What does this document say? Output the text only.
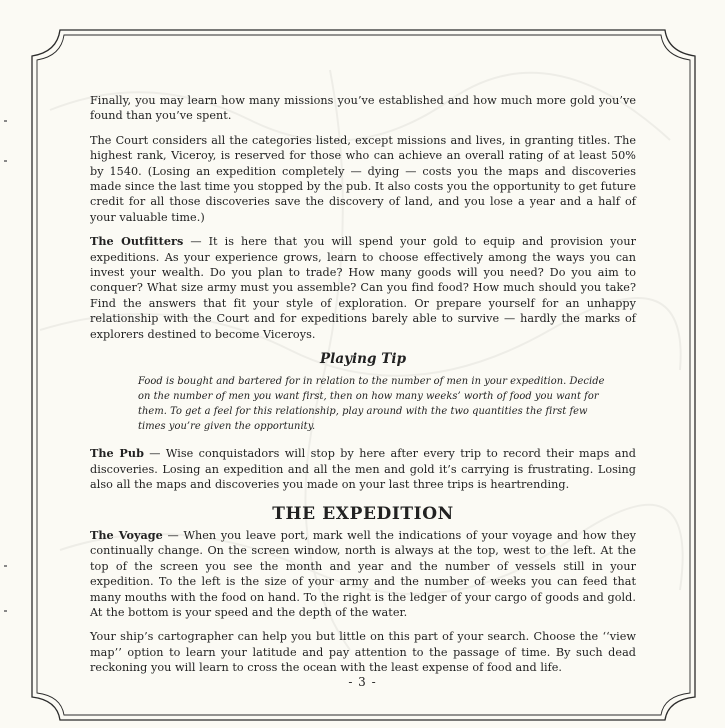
Finally, you may learn how many missions you’ve established and how much more gold you’ve found than you’ve spent.

The Court considers all the categories listed, except missions and lives, in granting titles. The highest rank, Viceroy, is reserved for those who can achieve an overall rating of at least 50% by 1540. (Losing an expedition completely — dying — costs you the maps and discoveries made since the last time you stopped by the pub. It also costs you the opportunity to get future credit for all those discoveries save the discovery of land, and you lose a year and a half of your valuable time.)

The Outfitters — It is here that you will spend your gold to equip and provision your expeditions. As your experience grows, learn to choose effectively among the ways you can invest your wealth. Do you plan to trade? How many goods will you need? Do you aim to conquer? What size army must you assemble? Can you find food? How much should you take? Find the answers that fit your style of exploration. Or prepare yourself for an unhappy relationship with the Court and for expeditions barely able to survive — hardly the marks of explorers destined to become Viceroys.

Playing Tip
Food is bought and bartered for in relation to the number of men in your expedition. Decide on the number of men you want first, then on how many weeks’ worth of food you want for them. To get a feel for this relationship, play around with the two quantities the first few times you’re given the opportunity.

The Pub — Wise conquistadors will stop by here after every trip to record their maps and discoveries. Losing an expedition and all the men and gold it’s carrying is frustrating. Losing also all the maps and discoveries you made on your last three trips is heartrending.

THE EXPEDITION

The Voyage — When you leave port, mark well the indications of your voyage and how they continually change. On the screen window, north is always at the top, west to the left. At the top of the screen you see the month and year and the number of vessels still in your expedition. To the left is the size of your army and the number of weeks you can feed that many mouths with the food on hand. To the right is the ledger of your cargo of goods and gold. At the bottom is your speed and the depth of the water.

Your ship’s cartographer can help you but little on this part of your search. Choose the ‘‘view map’’ option to learn your latitude and pay attention to the passage of time. By such dead reckoning you will learn to cross the ocean with the least expense of food and life.

- 3 -
